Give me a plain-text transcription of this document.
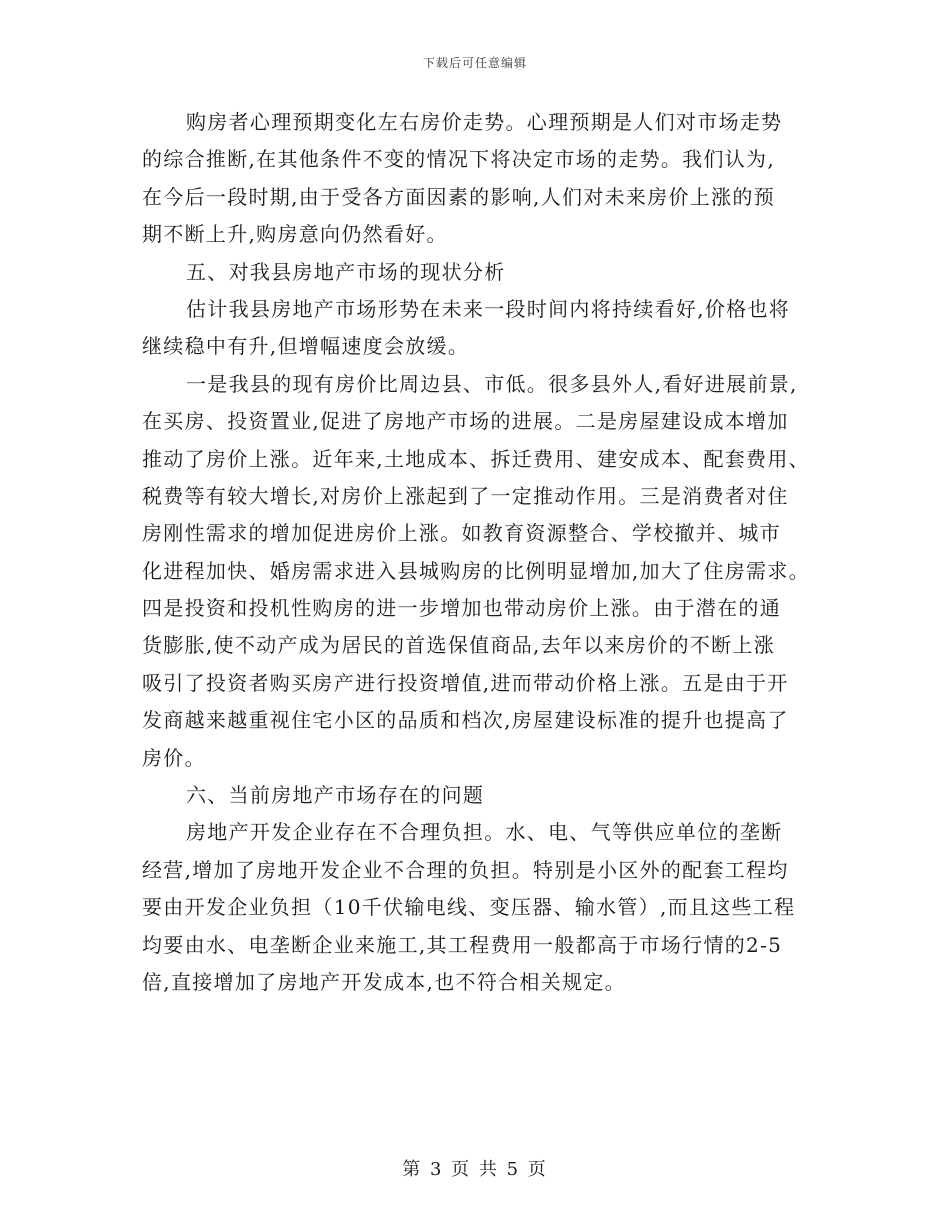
下载后可任意编辑
购房者心理预期变化左右房价走势。心理预期是人们对市场走势
的综合推断,在其他条件不变的情况下将决定市场的走势。我们认为,
在今后一段时期,由于受各方面因素的影响,人们对未来房价上涨的预
期不断上升,购房意向仍然看好。
五、对我县房地产市场的现状分析
估计我县房地产市场形势在未来一段时间内将持续看好,价格也将
继续稳中有升,但增幅速度会放缓。
一是我县的现有房价比周边县、市低。很多县外人,看好进展前景,
在买房、投资置业,促进了房地产市场的进展。二是房屋建设成本增加
推动了房价上涨。近年来,土地成本、拆迁费用、建安成本、配套费用、
税费等有较大增长,对房价上涨起到了一定推动作用。三是消费者对住
房刚性需求的增加促进房价上涨。如教育资源整合、学校撤并、城市
化进程加快、婚房需求进入县城购房的比例明显增加,加大了住房需求。
四是投资和投机性购房的进一步增加也带动房价上涨。由于潜在的通
货膨胀,使不动产成为居民的首选保值商品,去年以来房价的不断上涨
吸引了投资者购买房产进行投资增值,进而带动价格上涨。五是由于开
发商越来越重视住宅小区的品质和档次,房屋建设标准的提升也提高了
房价。
六、当前房地产市场存在的问题
房地产开发企业存在不合理负担。水、电、气等供应单位的垄断
经营,增加了房地开发企业不合理的负担。特别是小区外的配套工程均
要由开发企业负担（10千伏输电线、变压器、输水管）,而且这些工程
均要由水、电垄断企业来施工,其工程费用一般都高于市场行情的2-5
倍,直接增加了房地产开发成本,也不符合相关规定。
第 3 页 共 5 页
